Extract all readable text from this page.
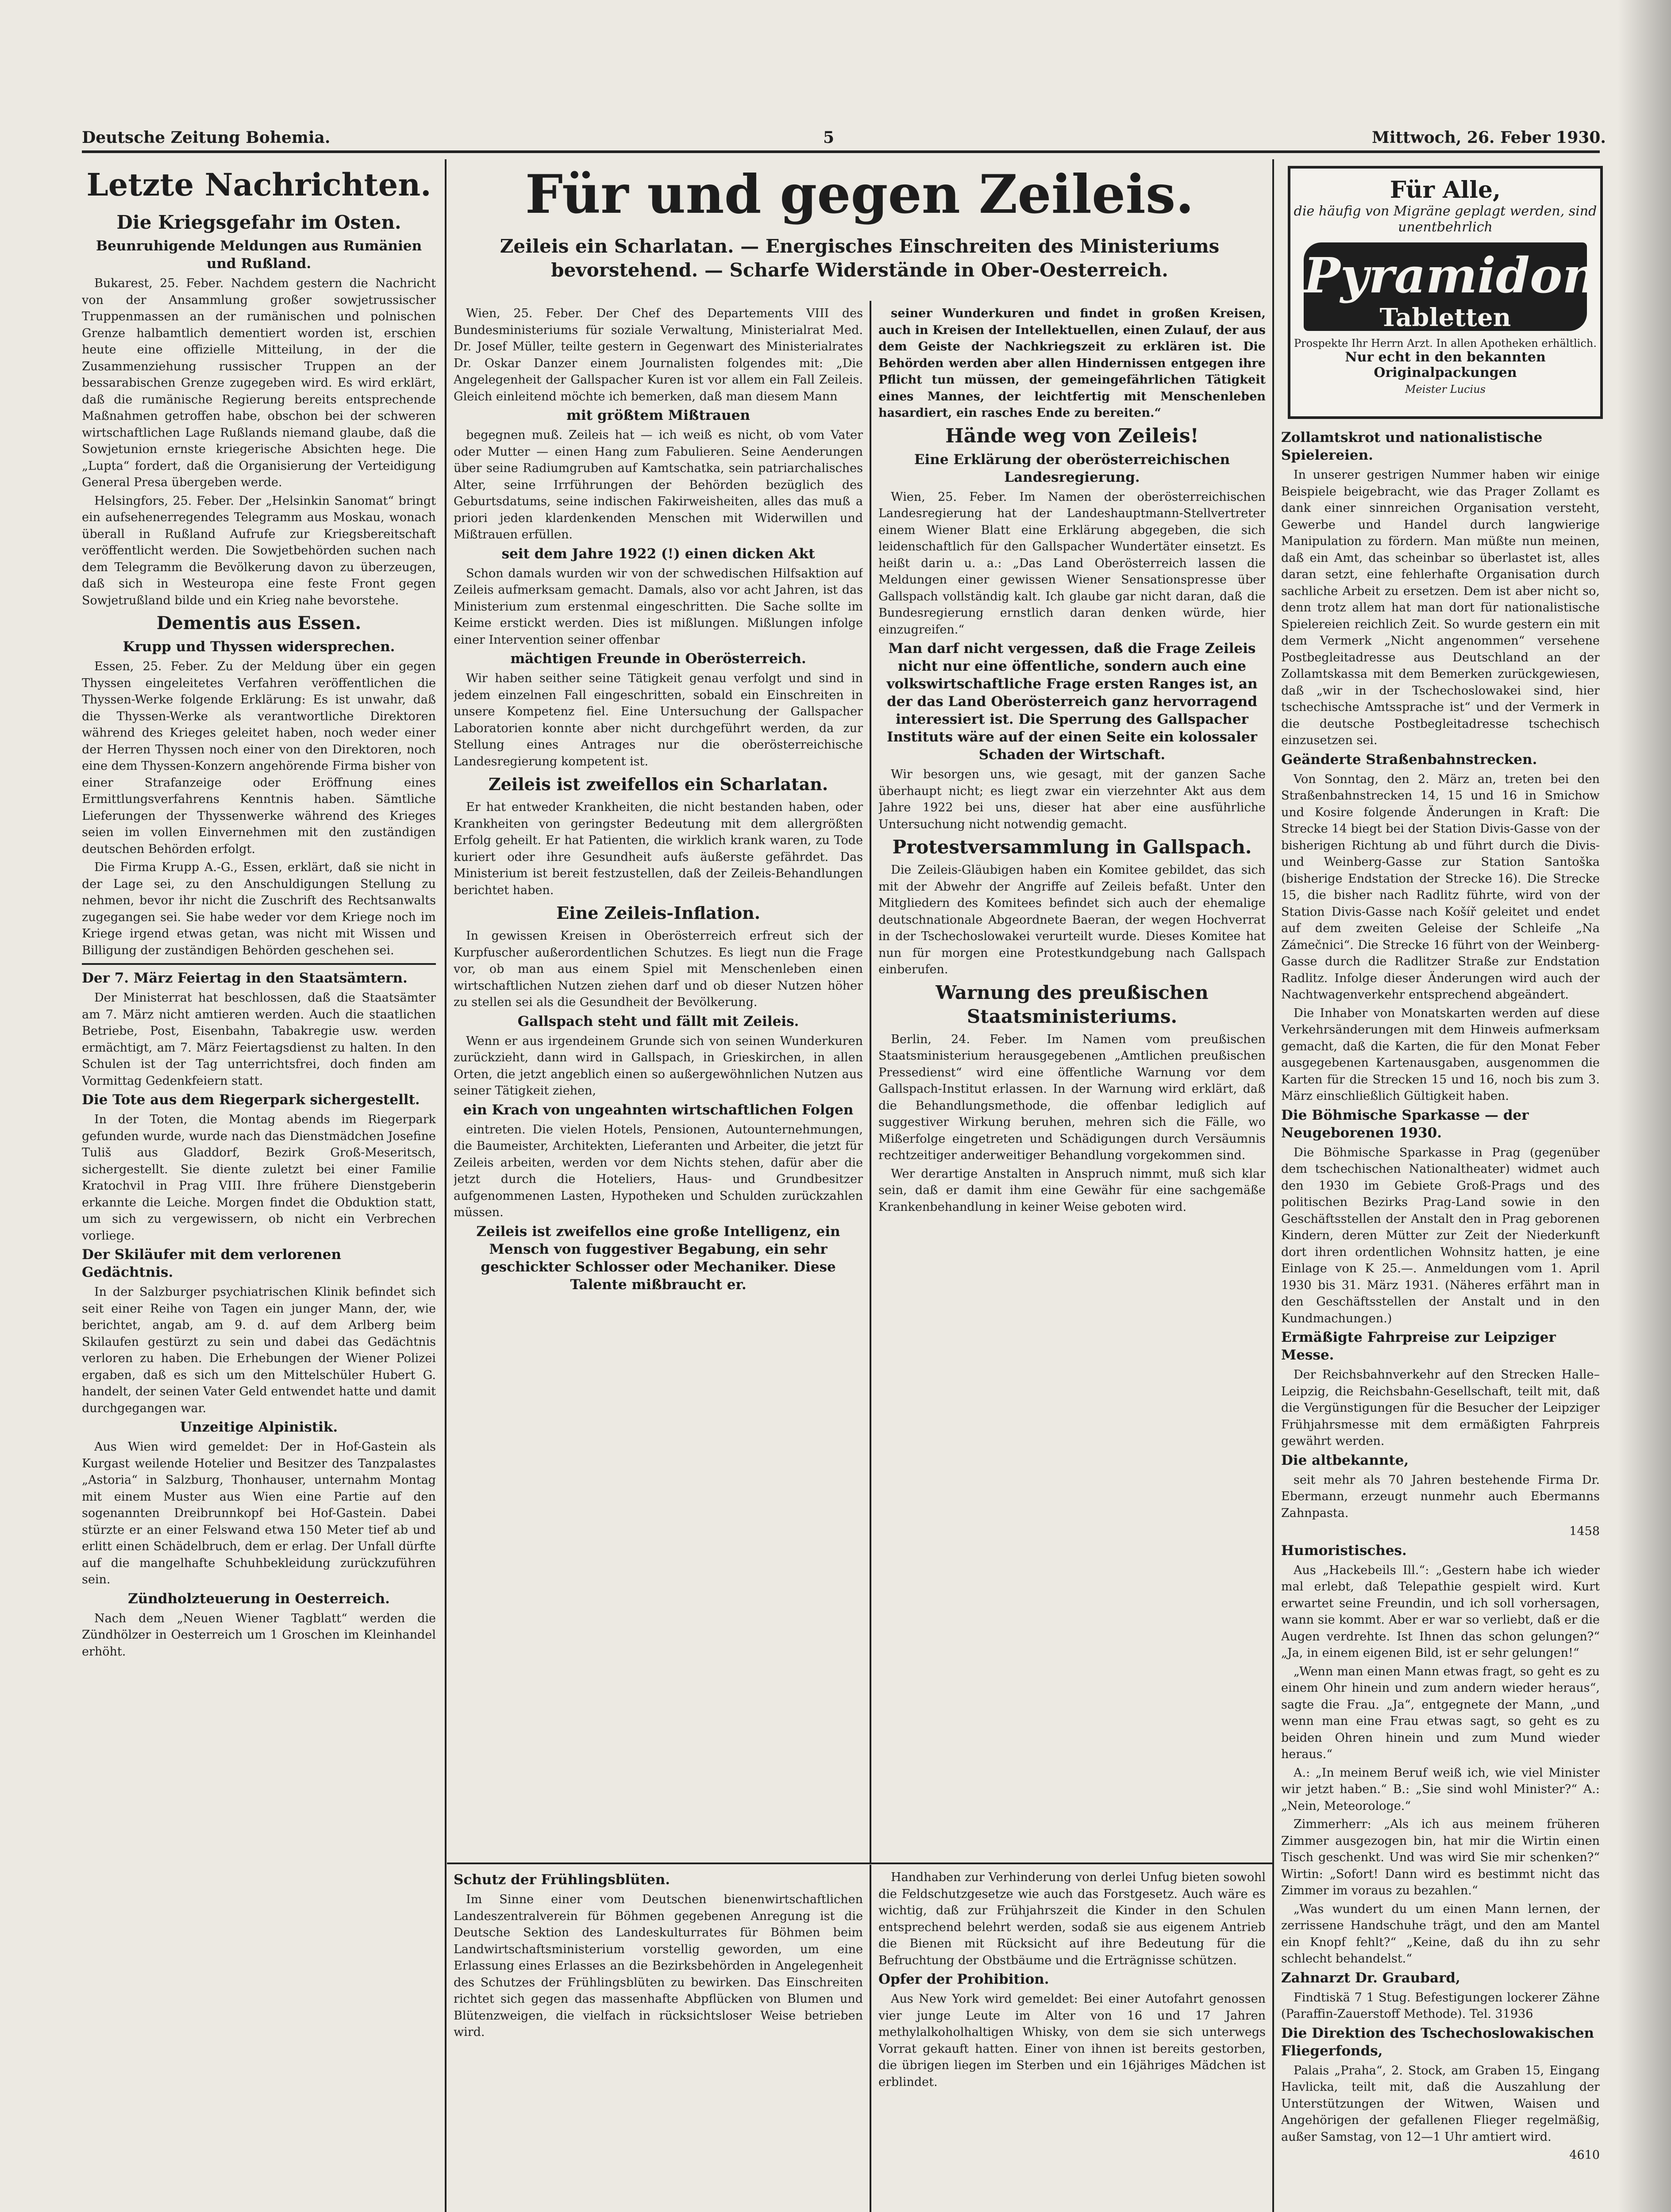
Deutsche Zeitung Bohemia.	5	Mittwoch, 26. Feber 1930.
Letzte Nachrichten.
Die Kriegsgefahr im Osten.
Beunruhigende Meldungen aus Rumänien und Rußland.

Bukarest, 25. Feber. Nachdem gestern die Nachricht von der Ansammlung großer sowjetrussischer Truppenmassen an der rumänischen und polnischen Grenze halbamtlich dementiert worden ist, erschien heute eine offizielle Mitteilung, in der die Zusammenziehung russischer Truppen an der bessarabischen Grenze zugegeben wird. Es wird erklärt, daß die rumänische Regierung bereits entsprechende Maßnahmen getroffen habe, obschon bei der schweren wirtschaftlichen Lage Rußlands niemand glaube, daß die Sowjetunion ernste kriegerische Absichten hege. Die „Lupta“ fordert, daß die Organisierung der Verteidigung General Presa übergeben werde.

Helsingfors, 25. Feber. Der „Helsinkin Sanomat“ bringt ein aufsehenerregendes Telegramm aus Moskau, wonach überall in Rußland Aufrufe zur Kriegsbereitschaft veröffentlicht werden. Die Sowjetbehörden suchen nach dem Telegramm die Bevölkerung davon zu überzeugen, daß sich in Westeuropa eine feste Front gegen Sowjetrußland bilde und ein Krieg nahe bevorstehe.

Dementis aus Essen.
Krupp und Thyssen widersprechen.

Essen, 25. Feber. Zu der Meldung über ein gegen Thyssen eingeleitetes Verfahren veröffentlichen die Thyssen-Werke folgende Erklärung: Es ist unwahr, daß die Thyssen-Werke als verantwortliche Direktoren während des Krieges geleitet haben, noch weder einer der Herren Thyssen noch einer von den Direktoren, noch eine dem Thyssen-Konzern angehörende Firma bisher von einer Strafanzeige oder Eröffnung eines Ermittlungsverfahrens Kenntnis haben. Sämtliche Lieferungen der Thyssenwerke während des Krieges seien im vollen Einvernehmen mit den zuständigen deutschen Behörden erfolgt.

Die Firma Krupp A.-G., Essen, erklärt, daß sie nicht in der Lage sei, zu den Anschuldigungen Stellung zu nehmen, bevor ihr nicht die Zuschrift des Rechtsanwalts zugegangen sei. Sie habe weder vor dem Kriege noch im Kriege irgend etwas getan, was nicht mit Wissen und Billigung der zuständigen Behörden geschehen sei.

Der 7. März Feiertag in den Staatsämtern.

Der Ministerrat hat beschlossen, daß die Staatsämter am 7. März nicht amtieren werden. Auch die staatlichen Betriebe, Post, Eisenbahn, Tabakregie usw. werden ermächtigt, am 7. März Feiertagsdienst zu halten. In den Schulen ist der Tag unterrichtsfrei, doch finden am Vormittag Gedenkfeiern statt.

Die Tote aus dem Riegerpark sichergestellt.

In der Toten, die Montag abends im Riegerpark gefunden wurde, wurde nach das Dienstmädchen Josefine Tuliš aus Gladdorf, Bezirk Groß-Meseritsch, sichergestellt. Sie diente zuletzt bei einer Familie Kratochvil in Prag VIII. Ihre frühere Dienstgeberin erkannte die Leiche. Morgen findet die Obduktion statt, um sich zu vergewissern, ob nicht ein Verbrechen vorliege.

Der Skiläufer mit dem verlorenen Gedächtnis.

In der Salzburger psychiatrischen Klinik befindet sich seit einer Reihe von Tagen ein junger Mann, der, wie berichtet, angab, am 9. d. auf dem Arlberg beim Skilaufen gestürzt zu sein und dabei das Gedächtnis verloren zu haben. Die Erhebungen der Wiener Polizei ergaben, daß es sich um den Mittelschüler Hubert G. handelt, der seinen Vater Geld entwendet hatte und damit durchgegangen war.

Unzeitige Alpinistik.

Aus Wien wird gemeldet: Der in Hof-Gastein als Kurgast weilende Hotelier und Besitzer des Tanzpalastes „Astoria“ in Salzburg, Thonhauser, unternahm Montag mit einem Muster aus Wien eine Partie auf den sogenannten Dreibrunnkopf bei Hof-Gastein. Dabei stürzte er an einer Felswand etwa 150 Meter tief ab und erlitt einen Schädelbruch, dem er erlag. Der Unfall dürfte auf die mangelhafte Schuhbekleidung zurückzuführen sein.

Zündholzteuerung in Oesterreich.

Nach dem „Neuen Wiener Tagblatt“ werden die Zündhölzer in Oesterreich um 1 Groschen im Kleinhandel erhöht.

Für und gegen Zeileis.
Zeileis ein Scharlatan. — Energisches Einschreiten des Ministeriums bevorstehend. — Scharfe Widerstände in Ober-Oesterreich.

Wien, 25. Feber. Der Chef des Departements VIII des Bundesministeriums für soziale Verwaltung, Ministerialrat Med. Dr. Josef Müller, teilte gestern in Gegenwart des Ministerialrates Dr. Oskar Danzer einem Journalisten folgendes mit: „Die Angelegenheit der Gallspacher Kuren ist vor allem ein Fall Zeileis. Gleich einleitend möchte ich bemerken, daß man diesem Mann

mit größtem Mißtrauen

begegnen muß. Zeileis hat — ich weiß es nicht, ob vom Vater oder Mutter — einen Hang zum Fabulieren. Seine Aenderungen über seine Radiumgruben auf Kamtschatka, sein patriarchalisches Alter, seine Irrführungen der Behörden bezüglich des Geburtsdatums, seine indischen Fakirweisheiten, alles das muß a priori jeden klardenkenden Menschen mit Widerwillen und Mißtrauen erfüllen.

seit dem Jahre 1922 (!) einen dicken Akt

Schon damals wurden wir von der schwedischen Hilfsaktion auf Zeileis aufmerksam gemacht. Damals, also vor acht Jahren, ist das Ministerium zum erstenmal eingeschritten. Die Sache sollte im Keime erstickt werden. Dies ist mißlungen. Mißlungen infolge einer Intervention seiner offenbar

mächtigen Freunde in Oberösterreich.

Wir haben seither seine Tätigkeit genau verfolgt und sind in jedem einzelnen Fall eingeschritten, sobald ein Einschreiten in unsere Kompetenz fiel. Eine Untersuchung der Gallspacher Laboratorien konnte aber nicht durchgeführt werden, da zur Stellung eines Antrages nur die oberösterreichische Landesregierung kompetent ist.

Zeileis ist zweifellos ein Scharlatan.

Er hat entweder Krankheiten, die nicht bestanden haben, oder Krankheiten von geringster Bedeutung mit dem allergrößten Erfolg geheilt. Er hat Patienten, die wirklich krank waren, zu Tode kuriert oder ihre Gesundheit aufs äußerste gefährdet. Das Ministerium ist bereit festzustellen, daß der Zeileis-Behandlungen berichtet haben.

Eine Zeileis-Inflation.

In gewissen Kreisen in Oberösterreich erfreut sich der Kurpfuscher außerordentlichen Schutzes. Es liegt nun die Frage vor, ob man aus einem Spiel mit Menschenleben einen wirtschaftlichen Nutzen ziehen darf und ob dieser Nutzen höher zu stellen sei als die Gesundheit der Bevölkerung.

Gallspach steht und fällt mit Zeileis.

Wenn er aus irgendeinem Grunde sich von seinen Wunderkuren zurückzieht, dann wird in Gallspach, in Grieskirchen, in allen Orten, die jetzt angeblich einen so außergewöhnlichen Nutzen aus seiner Tätigkeit ziehen,

ein Krach von ungeahnten wirtschaftlichen Folgen

eintreten. Die vielen Hotels, Pensionen, Autounternehmungen, die Baumeister, Architekten, Lieferanten und Arbeiter, die jetzt für Zeileis arbeiten, werden vor dem Nichts stehen, dafür aber die jetzt durch die Hoteliers, Haus- und Grundbesitzer aufgenommenen Lasten, Hypotheken und Schulden zurückzahlen müssen.

Zeileis ist zweifellos eine große Intelligenz, ein Mensch von fuggestiver Begabung, ein sehr geschickter Schlosser oder Mechaniker. Diese Talente mißbraucht er.

seiner Wunderkuren und findet in großen Kreisen, auch in Kreisen der Intellektuellen, einen Zulauf, der aus dem Geiste der Nachkriegszeit zu erklären ist. Die Behörden werden aber allen Hindernissen entgegen ihre Pflicht tun müssen, der gemeingefährlichen Tätigkeit eines Mannes, der leichtfertig mit Menschenleben hasardiert, ein rasches Ende zu bereiten.“

Hände weg von Zeileis!
Eine Erklärung der oberösterreichischen Landesregierung.

Wien, 25. Feber. Im Namen der oberösterreichischen Landesregierung hat der Landeshauptmann-Stellvertreter einem Wiener Blatt eine Erklärung abgegeben, die sich leidenschaftlich für den Gallspacher Wundertäter einsetzt. Es heißt darin u. a.: „Das Land Oberösterreich lassen die Meldungen einer gewissen Wiener Sensationspresse über Gallspach vollständig kalt. Ich glaube gar nicht daran, daß die Bundesregierung ernstlich daran denken würde, hier einzugreifen.“

Man darf nicht vergessen, daß die Frage Zeileis nicht nur eine öffentliche, sondern auch eine volkswirtschaftliche Frage ersten Ranges ist, an der das Land Oberösterreich ganz hervorragend interessiert ist. Die Sperrung des Gallspacher Instituts wäre auf der einen Seite ein kolossaler Schaden der Wirtschaft.

Wir besorgen uns, wie gesagt, mit der ganzen Sache überhaupt nicht; es liegt zwar ein vierzehnter Akt aus dem Jahre 1922 bei uns, dieser hat aber eine ausführliche Untersuchung nicht notwendig gemacht.

Protestversammlung in Gallspach.

Die Zeileis-Gläubigen haben ein Komitee gebildet, das sich mit der Abwehr der Angriffe auf Zeileis befaßt. Unter den Mitgliedern des Komitees befindet sich auch der ehemalige deutschnationale Abgeordnete Baeran, der wegen Hochverrat in der Tschechoslowakei verurteilt wurde. Dieses Komitee hat nun für morgen eine Protestkundgebung nach Gallspach einberufen.

Warnung des preußischen Staatsministeriums.

Berlin, 24. Feber. Im Namen vom preußischen Staatsministerium herausgegebenen „Amtlichen preußischen Pressedienst“ wird eine öffentliche Warnung vor dem Gallspach-Institut erlassen. In der Warnung wird erklärt, daß die Behandlungsmethode, die offenbar lediglich auf suggestiver Wirkung beruhen, mehren sich die Fälle, wo Mißerfolge eingetreten und Schädigungen durch Versäumnis rechtzeitiger anderweitiger Behandlung vorgekommen sind.

Wer derartige Anstalten in Anspruch nimmt, muß sich klar sein, daß er damit ihm eine Gewähr für eine sachgemäße Krankenbehandlung in keiner Weise geboten wird.

Schutz der Frühlingsblüten.

Im Sinne einer vom Deutschen bienenwirtschaftlichen Landeszentralverein für Böhmen gegebenen Anregung ist die Deutsche Sektion des Landeskulturrates für Böhmen beim Landwirtschaftsministerium vorstellig geworden, um eine Erlassung eines Erlasses an die Bezirksbehörden in Angelegenheit des Schutzes der Frühlingsblüten zu bewirken. Das Einschreiten richtet sich gegen das massenhafte Abpflücken von Blumen und Blütenzweigen, die vielfach in rücksichtsloser Weise betrieben wird.

Handhaben zur Verhinderung von derlei Unfug bieten sowohl die Feldschutzgesetze wie auch das Forstgesetz. Auch wäre es wichtig, daß zur Frühjahrszeit die Kinder in den Schulen entsprechend belehrt werden, sodaß sie aus eigenem Antrieb die Bienen mit Rücksicht auf ihre Bedeutung für die Befruchtung der Obstbäume und die Erträgnisse schützen.

Opfer der Prohibition.

Aus New York wird gemeldet: Bei einer Autofahrt genossen vier junge Leute im Alter von 16 und 17 Jahren methylalkoholhaltigen Whisky, von dem sie sich unterwegs Vorrat gekauft hatten. Einer von ihnen ist bereits gestorben, die übrigen liegen im Sterben und ein 16jähriges Mädchen ist erblindet.

Für Alle,
die häufig von Migräne geplagt werden, sind unentbehrlich
Pyramidon
Tabletten
Prospekte Ihr Herrn Arzt. In allen Apotheken erhältlich.
Nur echt in den bekannten Originalpackungen
Meister Lucius
Zollamtskrot und nationalistische Spielereien.

In unserer gestrigen Nummer haben wir einige Beispiele beigebracht, wie das Prager Zollamt es dank einer sinnreichen Organisation versteht, Gewerbe und Handel durch langwierige Manipulation zu fördern. Man müßte nun meinen, daß ein Amt, das scheinbar so überlastet ist, alles daran setzt, eine fehlerhafte Organisation durch sachliche Arbeit zu ersetzen. Dem ist aber nicht so, denn trotz allem hat man dort für nationalistische Spielereien reichlich Zeit. So wurde gestern ein mit dem Vermerk „Nicht angenommen“ versehene Postbegleitadresse aus Deutschland an der Zollamtskassa mit dem Bemerken zurückgewiesen, daß „wir in der Tschechoslowakei sind, hier tschechische Amtssprache ist“ und der Vermerk in die deutsche Postbegleitadresse tschechisch einzusetzen sei.

Geänderte Straßenbahnstrecken.

Von Sonntag, den 2. März an, treten bei den Straßenbahnstrecken 14, 15 und 16 in Smichow und Kosire folgende Änderungen in Kraft: Die Strecke 14 biegt bei der Station Divis-Gasse von der bisherigen Richtung ab und führt durch die Divis- und Weinberg-Gasse zur Station Santoška (bisherige Endstation der Strecke 16). Die Strecke 15, die bisher nach Radlitz führte, wird von der Station Divis-Gasse nach Košíř geleitet und endet auf dem zweiten Geleise der Schleife „Na Zámečnici“. Die Strecke 16 führt von der Weinberg-Gasse durch die Radlitzer Straße zur Endstation Radlitz. Infolge dieser Änderungen wird auch der Nachtwagenverkehr entsprechend abgeändert.

Die Inhaber von Monatskarten werden auf diese Verkehrsänderungen mit dem Hinweis aufmerksam gemacht, daß die Karten, die für den Monat Feber ausgegebenen Kartenausgaben, ausgenommen die Karten für die Strecken 15 und 16, noch bis zum 3. März einschließlich Gültigkeit haben.

Die Böhmische Sparkasse — der Neugeborenen 1930.

Die Böhmische Sparkasse in Prag (gegenüber dem tschechischen Nationaltheater) widmet auch den 1930 im Gebiete Groß-Prags und des politischen Bezirks Prag-Land sowie in den Geschäftsstellen der Anstalt den in Prag geborenen Kindern, deren Mütter zur Zeit der Niederkunft dort ihren ordentlichen Wohnsitz hatten, je eine Einlage von K 25.—. Anmeldungen vom 1. April 1930 bis 31. März 1931. (Näheres erfährt man in den Geschäftsstellen der Anstalt und in den Kundmachungen.)

Ermäßigte Fahrpreise zur Leipziger Messe.

Der Reichsbahnverkehr auf den Strecken Halle–Leipzig, die Reichsbahn-Gesellschaft, teilt mit, daß die Vergünstigungen für die Besucher der Leipziger Frühjahrsmesse mit dem ermäßigten Fahrpreis gewährt werden.

Die altbekannte,

seit mehr als 70 Jahren bestehende Firma Dr. Ebermann, erzeugt nunmehr auch Ebermanns Zahnpasta.

1458
Humoristisches.

Aus „Hackebeils Ill.“: „Gestern habe ich wieder mal erlebt, daß Telepathie gespielt wird. Kurt erwartet seine Freundin, und ich soll vorhersagen, wann sie kommt. Aber er war so verliebt, daß er die Augen verdrehte. Ist Ihnen das schon gelungen?“ „Ja, in einem eigenen Bild, ist er sehr gelungen!“

„Wenn man einen Mann etwas fragt, so geht es zu einem Ohr hinein und zum andern wieder heraus“, sagte die Frau. „Ja“, entgegnete der Mann, „und wenn man eine Frau etwas sagt, so geht es zu beiden Ohren hinein und zum Mund wieder heraus.“

A.: „In meinem Beruf weiß ich, wie viel Minister wir jetzt haben.“ B.: „Sie sind wohl Minister?“ A.: „Nein, Meteorologe.“

Zimmerherr: „Als ich aus meinem früheren Zimmer ausgezogen bin, hat mir die Wirtin einen Tisch geschenkt. Und was wird Sie mir schenken?“ Wirtin: „Sofort! Dann wird es bestimmt nicht das Zimmer im voraus zu bezahlen.“

„Was wundert du um einen Mann lernen, der zerrissene Handschuhe trägt, und den am Mantel ein Knopf fehlt?“ „Keine, daß du ihn zu sehr schlecht behandelst.“

Zahnarzt Dr. Graubard,

Findtiskä 7 1 Stug. Befestigungen lockerer Zähne (Paraffin-Zauerstoff Methode). Tel. 31936

Die Direktion des Tschechoslowakischen Fliegerfonds,

Palais „Praha“, 2. Stock, am Graben 15, Eingang Havlicka, teilt mit, daß die Auszahlung der Unterstützungen der Witwen, Waisen und Angehörigen der gefallenen Flieger regelmäßig, außer Samstag, von 12—1 Uhr amtiert wird.

4610
